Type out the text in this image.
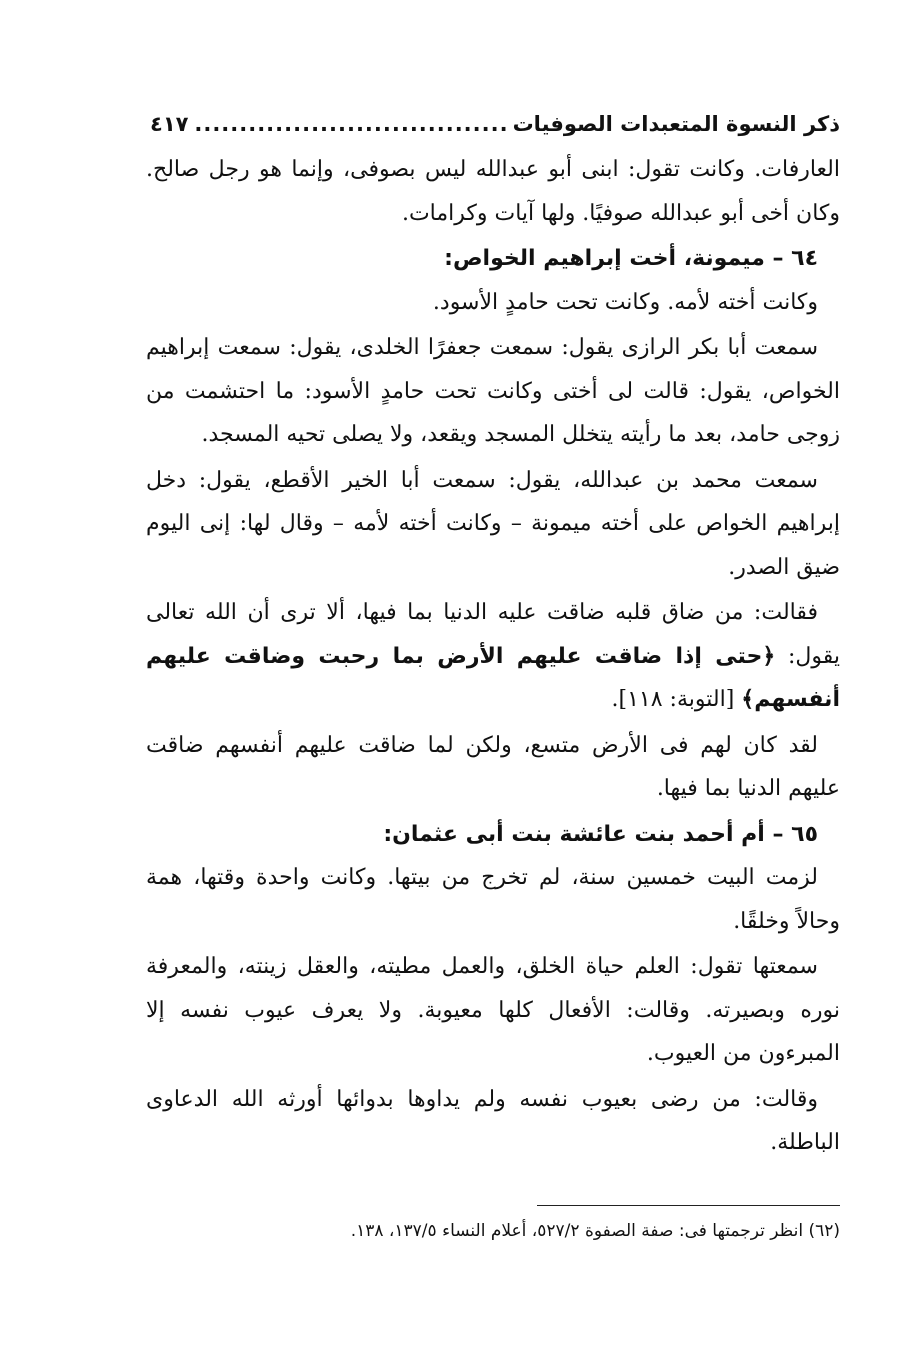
ذكر النسوة المتعبدات الصوفيات
...................................
٤١٧

العارفات. وكانت تقول: ابنى أبو عبدالله ليس بصوفى، وإنما هو رجل صالح. وكان أخى أبو عبدالله صوفيًا. ولها آيات وكرامات.

٦٤ – ميمونة، أخت إبراهيم الخواص:

وكانت أخته لأمه. وكانت تحت حامدٍ الأسود.

سمعت أبا بكر الرازى يقول: سمعت جعفرًا الخلدى، يقول: سمعت إبراهيم الخواص، يقول: قالت لى أختى وكانت تحت حامدٍ الأسود: ما احتشمت من زوجى حامد، بعد ما رأيته يتخلل المسجد ويقعد، ولا يصلى تحيه المسجد.

سمعت محمد بن عبدالله، يقول: سمعت أبا الخير الأقطع، يقول: دخل إبراهيم الخواص على أخته ميمونة – وكانت أخته لأمه – وقال لها: إنى اليوم ضيق الصدر.

فقالت: من ضاق قلبه ضاقت عليه الدنيا بما فيها، ألا ترى أن الله تعالى يقول: ﴿حتى إذا ضاقت عليهم الأرض بما رحبت وضاقت عليهم أنفسهم﴾ [التوبة: ١١٨].

لقد كان لهم فى الأرض متسع، ولكن لما ضاقت عليهم أنفسهم ضاقت عليهم الدنيا بما فيها.

٦٥ – أم أحمد بنت عائشة بنت أبى عثمان:

لزمت البيت خمسين سنة، لم تخرج من بيتها. وكانت واحدة وقتها، همة وحالاً وخلقًا.

سمعتها تقول: العلم حياة الخلق، والعمل مطيته، والعقل زينته، والمعرفة نوره وبصيرته. وقالت: الأفعال كلها معيوبة. ولا يعرف عيوب نفسه إلا المبرءون من العيوب.

وقالت: من رضى بعيوب نفسه ولم يداوها بدوائها أورثه الله الدعاوى الباطلة.

(٦٢) انظر ترجمتها فى: صفة الصفوة ٥٢٧/٢، أعلام النساء ١٣٧/٥، ١٣٨.
